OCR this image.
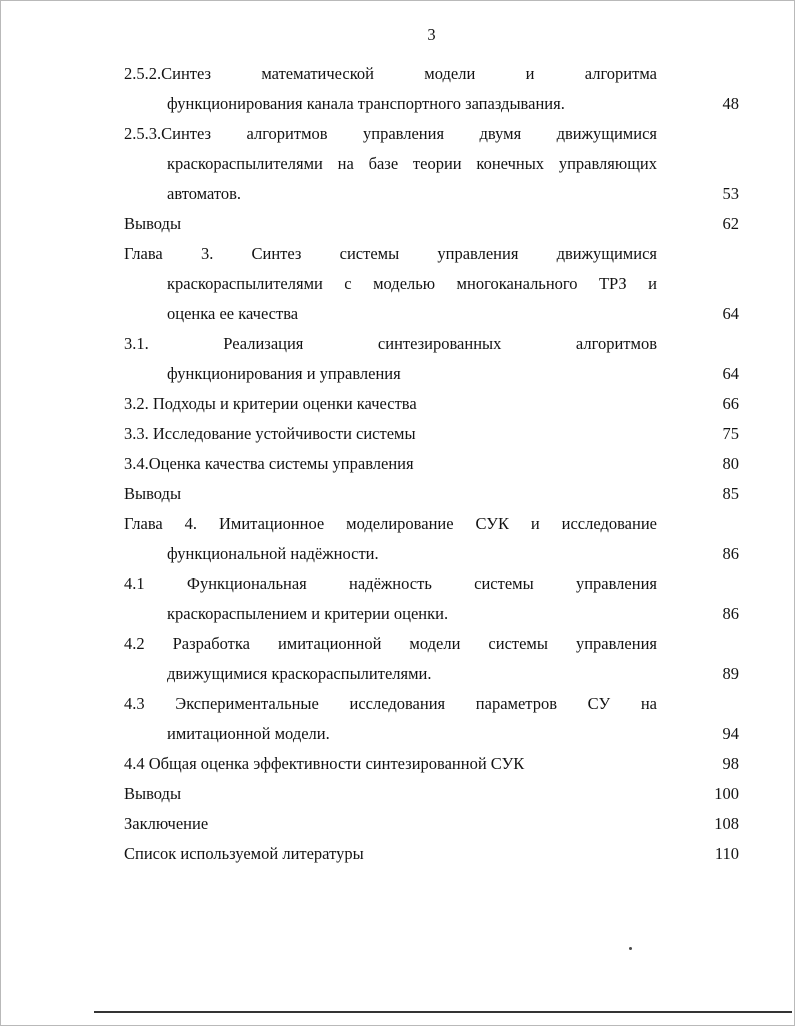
3
2.5.2.Синтез математической модели и алгоритма
функционирования канала транспортного запаздывания.	48
2.5.3.Синтез алгоритмов управления двумя движущимися
краскораспылителями на базе теории конечных управляющих
автоматов.	53
Выводы	62
Глава 3. Синтез системы управления движущимися
краскораспылителями с моделью многоканального ТРЗ и
оценка ее качества	64
3.1. Реализация синтезированных алгоритмов
функционирования и управления	64
3.2. Подходы и критерии оценки качества	66
3.3. Исследование устойчивости системы	75
3.4.Оценка качества системы управления	80
Выводы	85
Глава 4. Имитационное моделирование СУК и исследование
функциональной надёжности.	86
4.1 Функциональная надёжность системы управления
краскораспылением и критерии оценки.	86
4.2 Разработка имитационной модели системы управления
движущимися краскораспылителями.	89
4.3 Экспериментальные исследования параметров СУ на
имитационной модели.	94
4.4 Общая оценка эффективности синтезированной СУК	98
Выводы	100
Заключение	108
Список используемой литературы	110
